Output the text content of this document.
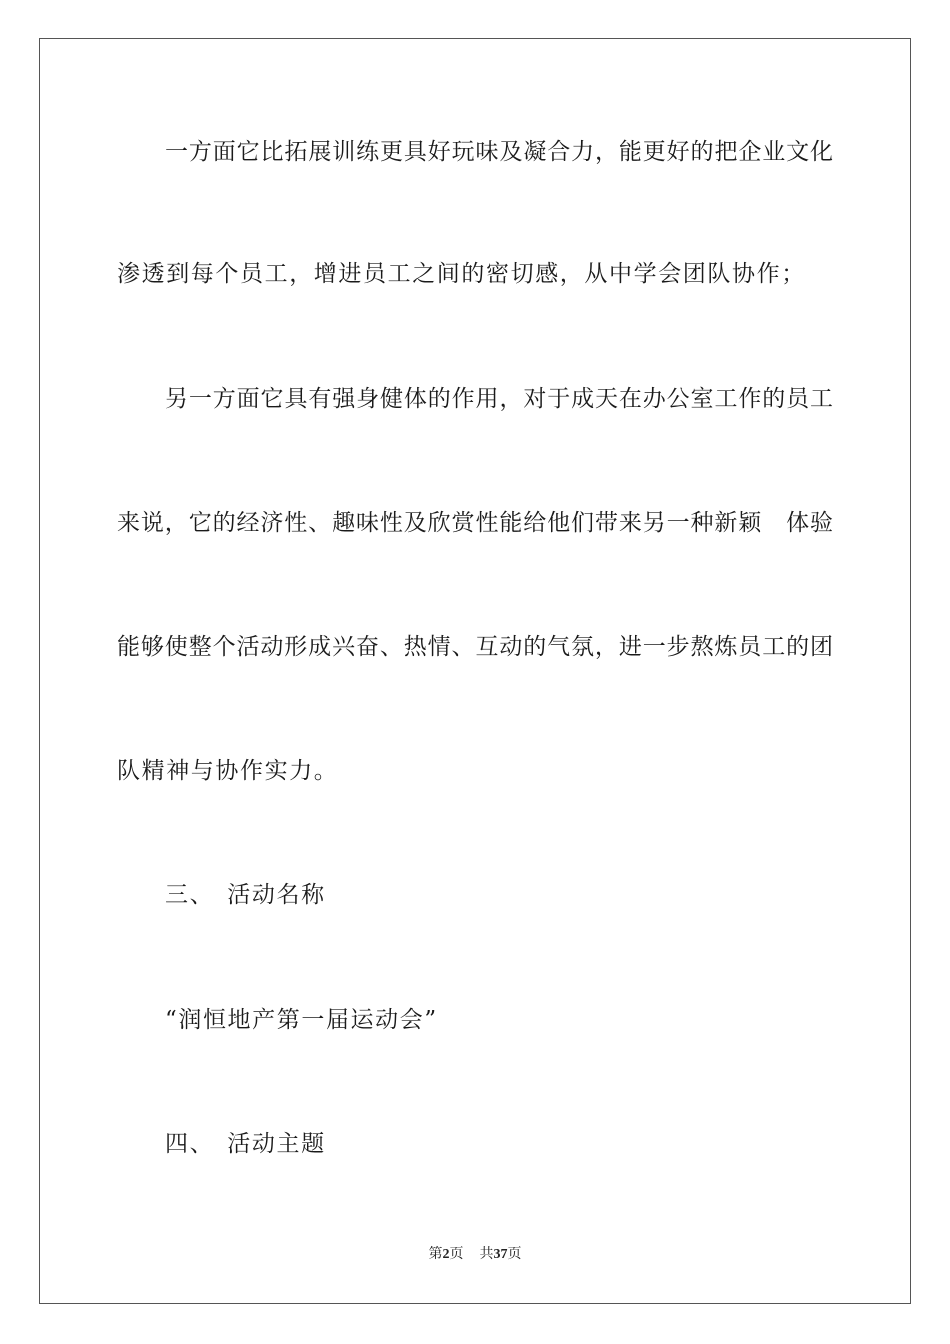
一方面它比拓展训练更具好玩味及凝合力，能更好的把企业文化
渗透到每个员工，增进员工之间的密切感，从中学会团队协作；
另一方面它具有强身健体的作用，对于成天在办公室工作的员工
来说，它的经济性、趣味性及欣赏性能给他们带来另一种新颖　体验
能够使整个活动形成兴奋、热情、互动的气氛，进一步熬炼员工的团
队精神与协作实力。
三、　活动名称
“润恒地产第一届运动会”
四、　活动主题
第2页 共37页
